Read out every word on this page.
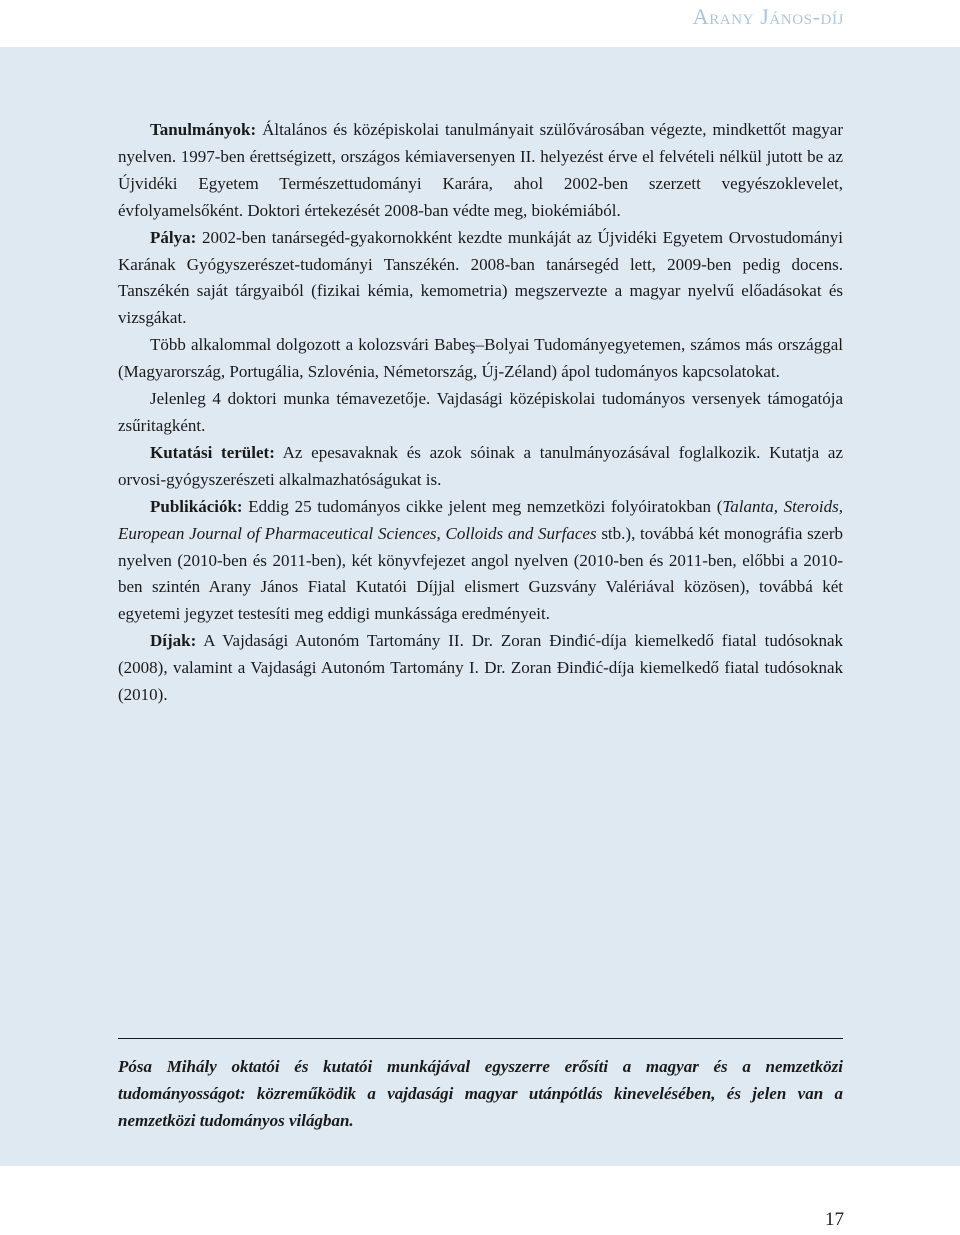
Arany János-díj

Tanulmányok: Általános és középiskolai tanulmányait szülővárosában végezte, mindkettőt magyar nyelven. 1997-ben érettségizett, országos kémiaversenyen II. helyezést érve el felvételi nélkül jutott be az Újvidéki Egyetem Természettudományi Karára, ahol 2002-ben szerzett vegyészoklevelet, évfolyamelsőként. Doktori értekezését 2008-ban védte meg, biokémiából.

Pálya: 2002-ben tanársegéd-gyakornokként kezdte munkáját az Újvidéki Egyetem Orvostudományi Karának Gyógyszerészet-tudományi Tanszékén. 2008-ban tanársegéd lett, 2009-ben pedig docens. Tanszékén saját tárgyaiból (fizikai kémia, kemometria) megszervezte a magyar nyelvű előadásokat és vizsgákat.

Több alkalommal dolgozott a kolozsvári Babeş–Bolyai Tudományegyetemen, számos más országgal (Magyarország, Portugália, Szlovénia, Németország, Új-Zéland) ápol tudományos kapcsolatokat.

Jelenleg 4 doktori munka témavezetője. Vajdasági középiskolai tudományos versenyek támogatója zsűritagként.

Kutatási terület: Az epesavaknak és azok sóinak a tanulmányozásával foglalkozik. Kutatja az orvosi-gyógyszerészeti alkalmazhatóságukat is.

Publikációk: Eddig 25 tudományos cikke jelent meg nemzetközi folyóiratokban (Talanta, Steroids, European Journal of Pharmaceutical Sciences, Colloids and Surfaces stb.), továbbá két monográfia szerb nyelven (2010-ben és 2011-ben), két könyvfejezet angol nyelven (2010-ben és 2011-ben, előbbi a 2010-ben szintén Arany János Fiatal Kutatói Díjjal elismert Guzsvány Valériával közösen), továbbá két egyetemi jegyzet testesíti meg eddigi munkássága eredményeit.

Díjak: A Vajdasági Autonóm Tartomány II. Dr. Zoran Đinđić-díja kiemelkedő fiatal tudósoknak (2008), valamint a Vajdasági Autonóm Tartomány I. Dr. Zoran Đinđić-díja kiemelkedő fiatal tudósoknak (2010).

Pósa Mihály oktatói és kutatói munkájával egyszerre erősíti a magyar és a nemzetközi tudományosságot: közreműködik a vajdasági magyar utánpótlás kinevelésében, és jelen van a nemzetközi tudományos világban.

17
